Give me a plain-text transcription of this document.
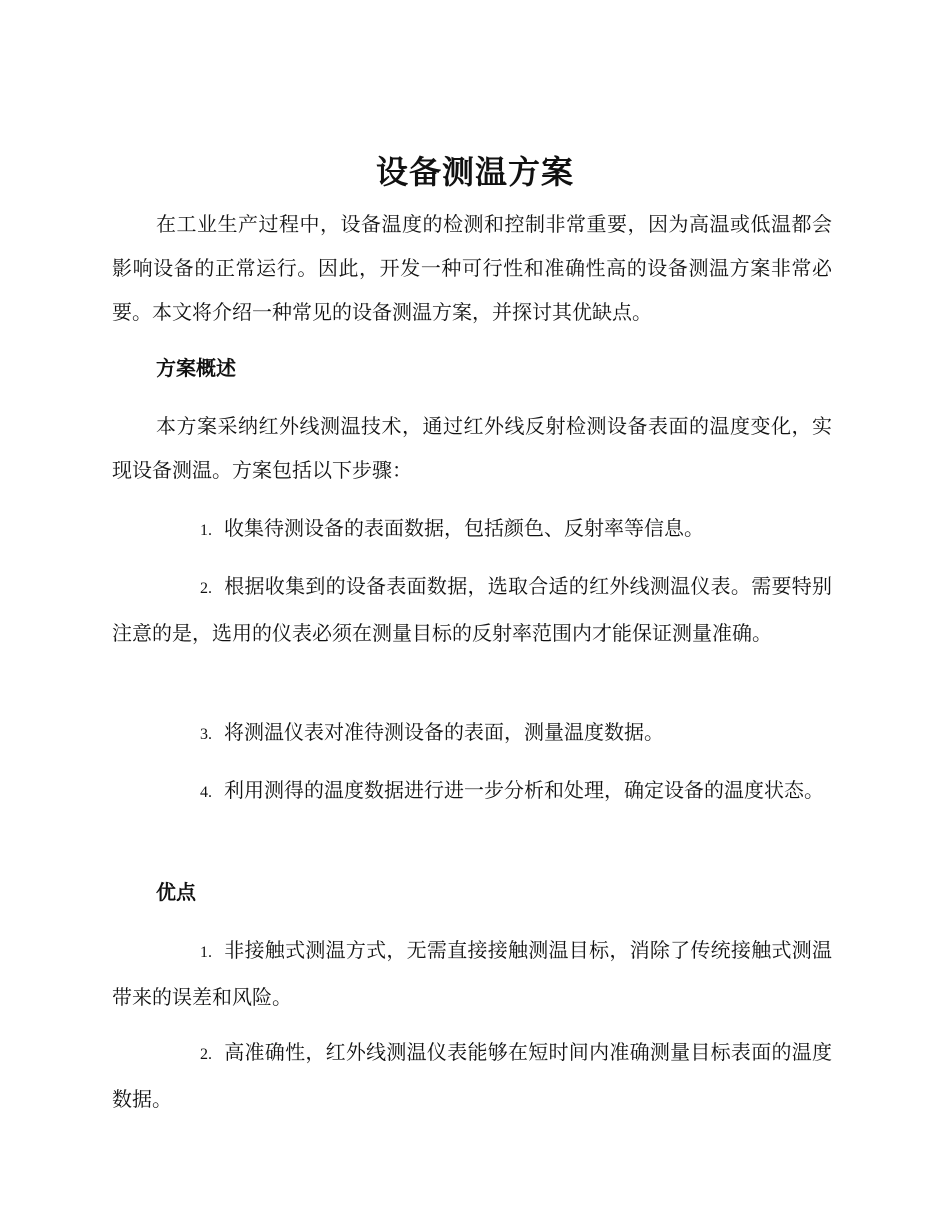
设备测温方案
在工业生产过程中，设备温度的检测和控制非常重要，因为高温或低温都会影响设备的正常运行。因此，开发一种可行性和准确性高的设备测温方案非常必要。本文将介绍一种常见的设备测温方案，并探讨其优缺点。
方案概述
本方案采纳红外线测温技术，通过红外线反射检测设备表面的温度变化，实现设备测温。方案包括以下步骤：
1. 收集待测设备的表面数据，包括颜色、反射率等信息。
2. 根据收集到的设备表面数据，选取合适的红外线测温仪表。需要特别注意的是，选用的仪表必须在测量目标的反射率范围内才能保证测量准确。
3. 将测温仪表对准待测设备的表面，测量温度数据。
4. 利用测得的温度数据进行进一步分析和处理，确定设备的温度状态。
优点
1. 非接触式测温方式，无需直接接触测温目标，消除了传统接触式测温带来的误差和风险。
2. 高准确性，红外线测温仪表能够在短时间内准确测量目标表面的温度数据。
